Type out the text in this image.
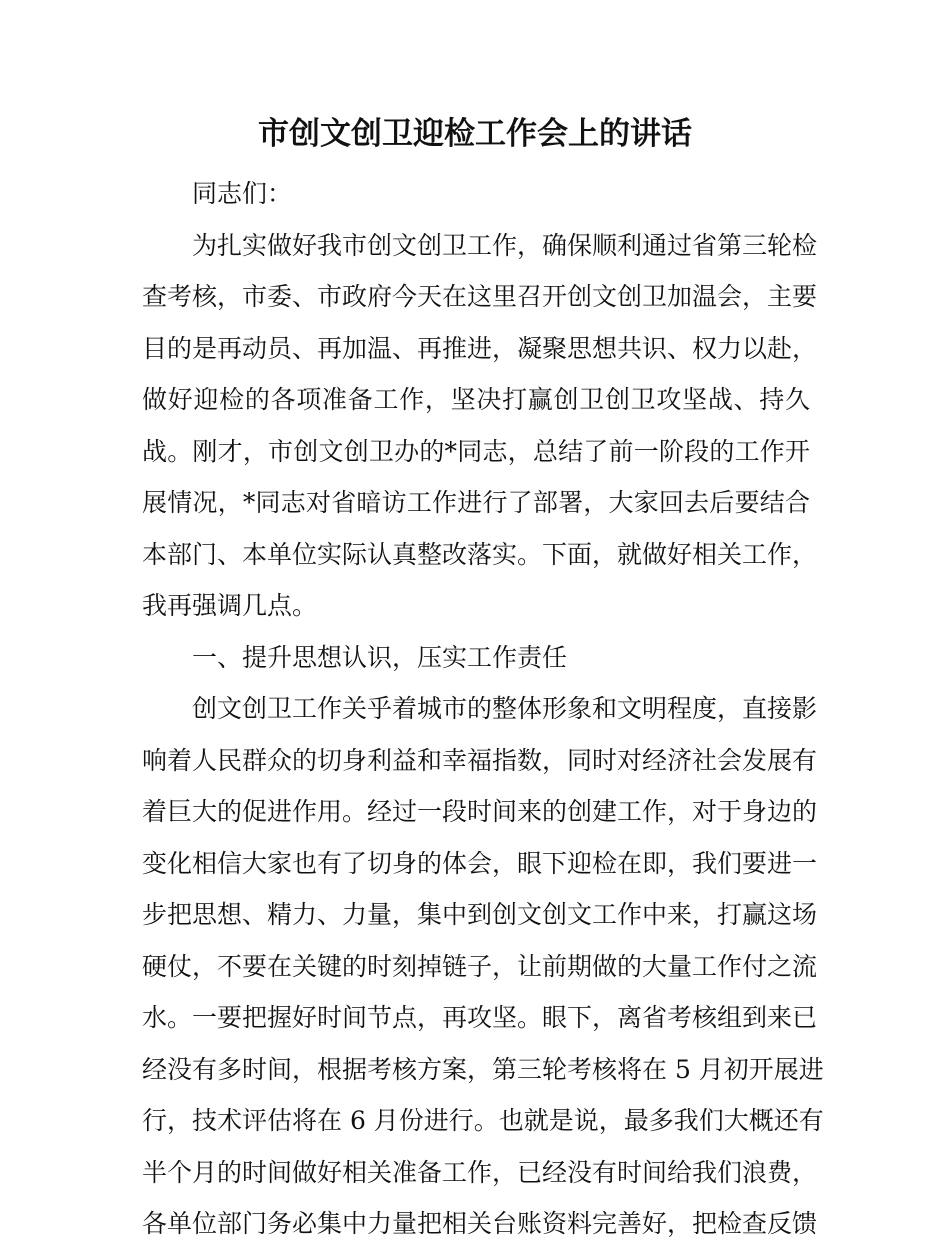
市创文创卫迎检工作会上的讲话
同志们：
为扎实做好我市创文创卫工作，确保顺利通过省第三轮检
查考核，市委、市政府今天在这里召开创文创卫加温会，主要
目的是再动员、再加温、再推进，凝聚思想共识、权力以赴，
做好迎检的各项准备工作，坚决打赢创卫创卫攻坚战、持久
战。刚才，市创文创卫办的*同志，总结了前一阶段的工作开
展情况，*同志对省暗访工作进行了部署，大家回去后要结合
本部门、本单位实际认真整改落实。下面，就做好相关工作，
我再强调几点。
一、提升思想认识，压实工作责任
创文创卫工作关乎着城市的整体形象和文明程度，直接影
响着人民群众的切身利益和幸福指数，同时对经济社会发展有
着巨大的促进作用。经过一段时间来的创建工作，对于身边的
变化相信大家也有了切身的体会，眼下迎检在即，我们要进一
步把思想、精力、力量，集中到创文创文工作中来，打赢这场
硬仗，不要在关键的时刻掉链子，让前期做的大量工作付之流
水。一要把握好时间节点，再攻坚。眼下，离省考核组到来已
经没有多时间，根据考核方案，第三轮考核将在 5 月初开展进
行，技术评估将在 6 月份进行。也就是说，最多我们大概还有
半个月的时间做好相关准备工作，已经没有时间给我们浪费，
各单位部门务必集中力量把相关台账资料完善好，把检查反馈
